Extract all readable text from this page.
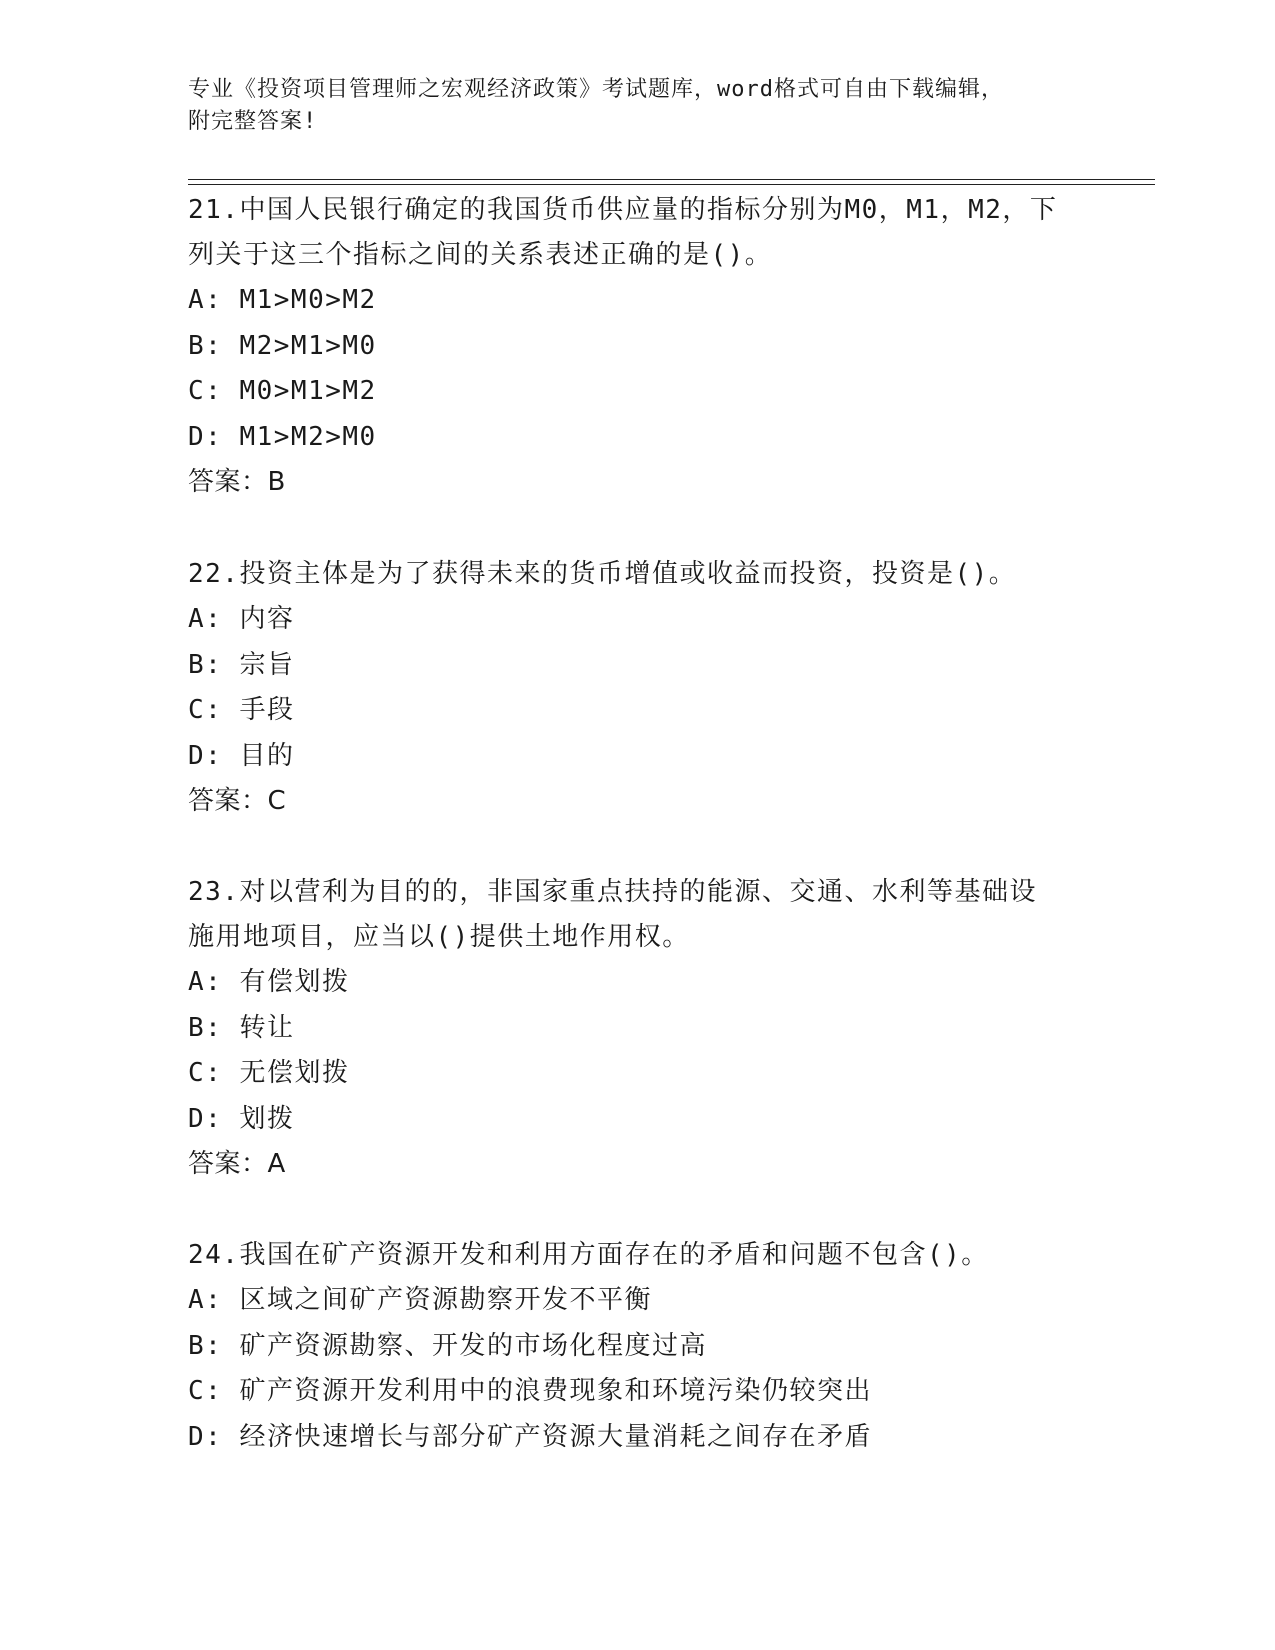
专业《投资项目管理师之宏观经济政策》考试题库，word格式可自由下载编辑，
附完整答案!
21.中国人民银行确定的我国货币供应量的指标分别为M0，M1，M2，下
列关于这三个指标之间的关系表述正确的是()。
A: M1>M0>M2
B: M2>M1>M0
C: M0>M1>M2
D: M1>M2>M0
答案：B
22.投资主体是为了获得未来的货币增值或收益而投资，投资是()。
A: 内容
B: 宗旨
C: 手段
D: 目的
答案：C
23.对以营利为目的的，非国家重点扶持的能源、交通、水利等基础设
施用地项目，应当以()提供土地作用权。
A: 有偿划拨
B: 转让
C: 无偿划拨
D: 划拨
答案：A
24.我国在矿产资源开发和利用方面存在的矛盾和问题不包含()。
A: 区域之间矿产资源勘察开发不平衡
B: 矿产资源勘察、开发的市场化程度过高
C: 矿产资源开发利用中的浪费现象和环境污染仍较突出
D: 经济快速增长与部分矿产资源大量消耗之间存在矛盾
